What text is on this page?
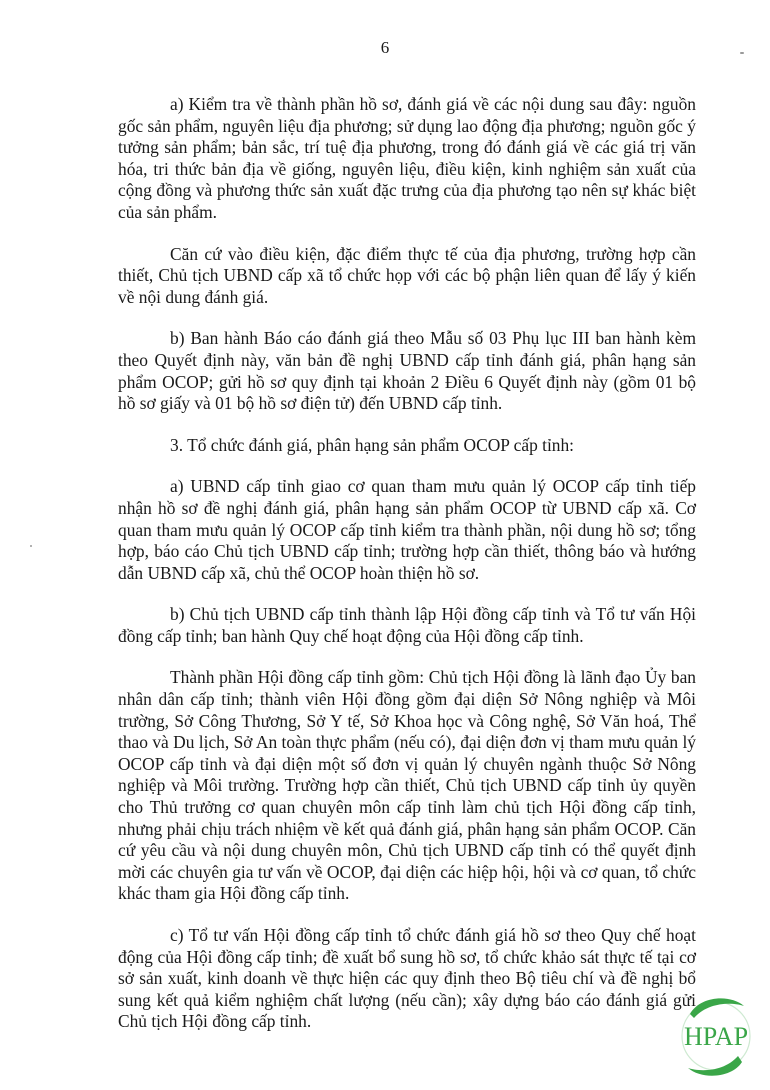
6

a) Kiểm tra về thành phần hồ sơ, đánh giá về các nội dung sau đây: nguồn gốc sản phẩm, nguyên liệu địa phương; sử dụng lao động địa phương; nguồn gốc ý tưởng sản phẩm; bản sắc, trí tuệ địa phương, trong đó đánh giá về các giá trị văn hóa, tri thức bản địa về giống, nguyên liệu, điều kiện, kinh nghiệm sản xuất của cộng đồng và phương thức sản xuất đặc trưng của địa phương tạo nên sự khác biệt của sản phẩm.

Căn cứ vào điều kiện, đặc điểm thực tế của địa phương, trường hợp cần thiết, Chủ tịch UBND cấp xã tổ chức họp với các bộ phận liên quan để lấy ý kiến về nội dung đánh giá.

b) Ban hành Báo cáo đánh giá theo Mẫu số 03 Phụ lục III ban hành kèm theo Quyết định này, văn bản đề nghị UBND cấp tỉnh đánh giá, phân hạng sản phẩm OCOP; gửi hồ sơ quy định tại khoản 2 Điều 6 Quyết định này (gồm 01 bộ hồ sơ giấy và 01 bộ hồ sơ điện tử) đến UBND cấp tỉnh.

3. Tổ chức đánh giá, phân hạng sản phẩm OCOP cấp tỉnh:

a) UBND cấp tỉnh giao cơ quan tham mưu quản lý OCOP cấp tỉnh tiếp nhận hồ sơ đề nghị đánh giá, phân hạng sản phẩm OCOP từ UBND cấp xã. Cơ quan tham mưu quản lý OCOP cấp tỉnh kiểm tra thành phần, nội dung hồ sơ; tổng hợp, báo cáo Chủ tịch UBND cấp tỉnh; trường hợp cần thiết, thông báo và hướng dẫn UBND cấp xã, chủ thể OCOP hoàn thiện hồ sơ.

b) Chủ tịch UBND cấp tỉnh thành lập Hội đồng cấp tỉnh và Tổ tư vấn Hội đồng cấp tỉnh; ban hành Quy chế hoạt động của Hội đồng cấp tỉnh.

Thành phần Hội đồng cấp tỉnh gồm: Chủ tịch Hội đồng là lãnh đạo Ủy ban nhân dân cấp tỉnh; thành viên Hội đồng gồm đại diện Sở Nông nghiệp và Môi trường, Sở Công Thương, Sở Y tế, Sở Khoa học và Công nghệ, Sở Văn hoá, Thể thao và Du lịch, Sở An toàn thực phẩm (nếu có), đại diện đơn vị tham mưu quản lý OCOP cấp tỉnh và đại diện một số đơn vị quản lý chuyên ngành thuộc Sở Nông nghiệp và Môi trường. Trường hợp cần thiết, Chủ tịch UBND cấp tỉnh ủy quyền cho Thủ trưởng cơ quan chuyên môn cấp tỉnh làm chủ tịch Hội đồng cấp tỉnh, nhưng phải chịu trách nhiệm về kết quả đánh giá, phân hạng sản phẩm OCOP. Căn cứ yêu cầu và nội dung chuyên môn, Chủ tịch UBND cấp tỉnh có thể quyết định mời các chuyên gia tư vấn về OCOP, đại diện các hiệp hội, hội và cơ quan, tổ chức khác tham gia Hội đồng cấp tỉnh.

c) Tổ tư vấn Hội đồng cấp tỉnh tổ chức đánh giá hồ sơ theo Quy chế hoạt động của Hội đồng cấp tỉnh; đề xuất bổ sung hồ sơ, tổ chức khảo sát thực tế tại cơ sở sản xuất, kinh doanh về thực hiện các quy định theo Bộ tiêu chí và đề nghị bổ sung kết quả kiểm nghiệm chất lượng (nếu cần); xây dựng báo cáo đánh giá gửi Chủ tịch Hội đồng cấp tỉnh.

HPAP
